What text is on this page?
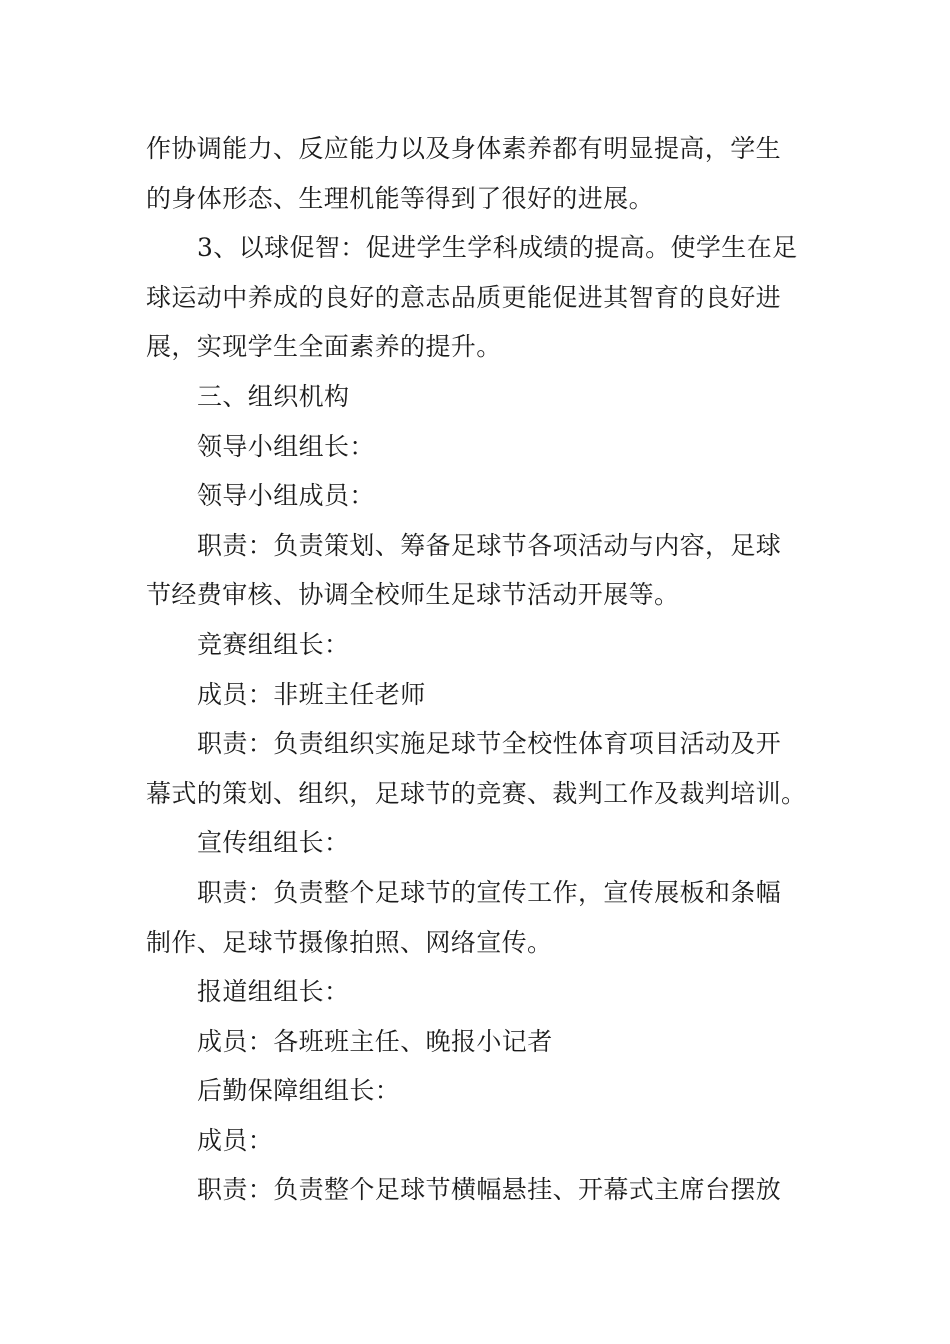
作协调能力、反应能力以及身体素养都有明显提高，学生
的身体形态、生理机能等得到了很好的进展。
3、以球促智：促进学生学科成绩的提高。使学生在足
球运动中养成的良好的意志品质更能促进其智育的良好进
展，实现学生全面素养的提升。
三、组织机构
领导小组组长：
领导小组成员：
职责：负责策划、筹备足球节各项活动与内容，足球
节经费审核、协调全校师生足球节活动开展等。
竞赛组组长：
成员：非班主任老师
职责：负责组织实施足球节全校性体育项目活动及开
幕式的策划、组织，足球节的竞赛、裁判工作及裁判培训。
宣传组组长：
职责：负责整个足球节的宣传工作，宣传展板和条幅
制作、足球节摄像拍照、网络宣传。
报道组组长：
成员：各班班主任、晚报小记者
后勤保障组组长：
成员：
职责：负责整个足球节横幅悬挂、开幕式主席台摆放
